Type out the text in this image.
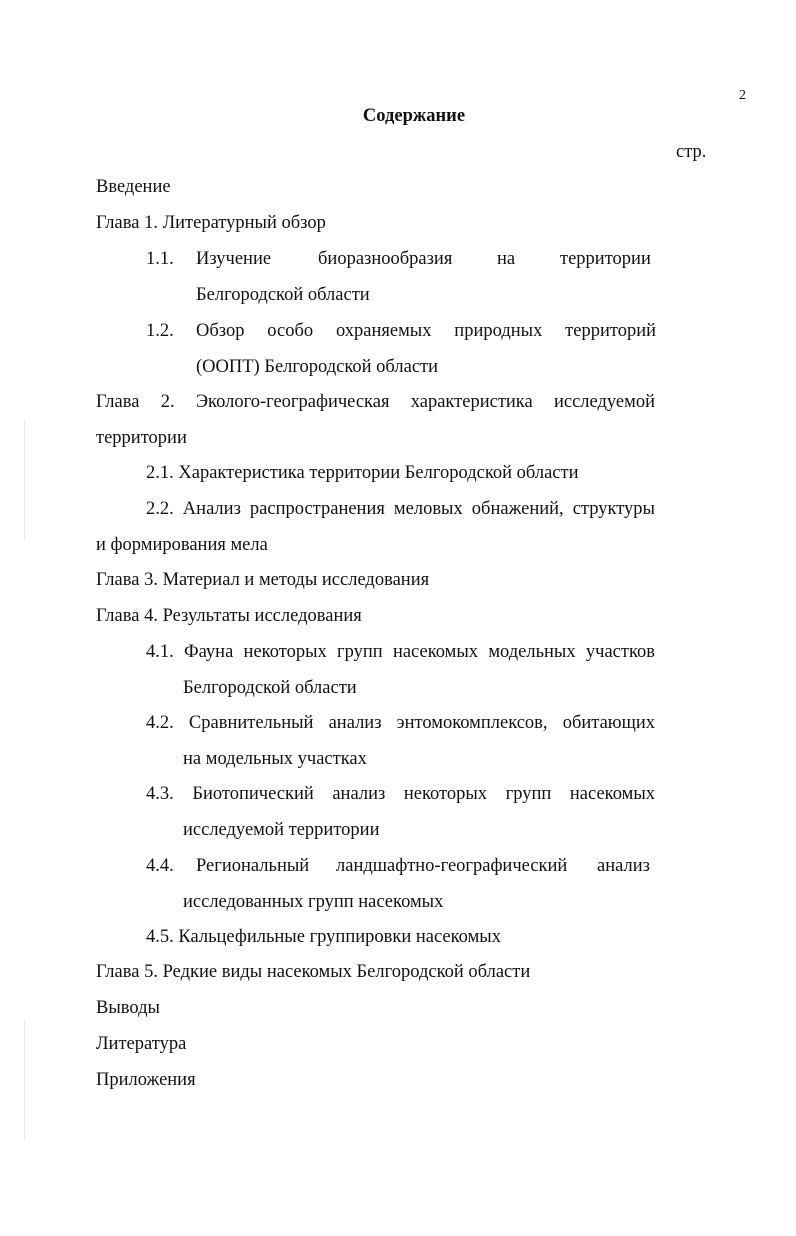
2
Содержание
стр.
Введение
Глава 1. Литературный обзор
1.1. Изучение	биоразнообразия на территории
Белгородской области
1.2. Обзор особо охраняемых природных территорий
(ООПТ) Белгородской области
Глава 2. Эколого-географическая характеристика исследуемой
территории
2.1. Характеристика территории Белгородской области
2.2. Анализ распространения меловых обнажений, структуры
и формирования мела
Глава 3. Материал и методы исследования
Глава 4. Результаты исследования
4.1. Фауна некоторых групп насекомых модельных участков
Белгородской области
4.2. Сравнительный анализ энтомокомплексов, обитающих
на модельных участках
4.3. Биотопический анализ некоторых групп насекомых
исследуемой территории
4.4. Региональный ландшафтно-географический анализ
исследованных групп насекомых
4.5. Кальцефильные группировки насекомых
Глава 5. Редкие виды насекомых Белгородской области
Выводы
Литература
Приложения
